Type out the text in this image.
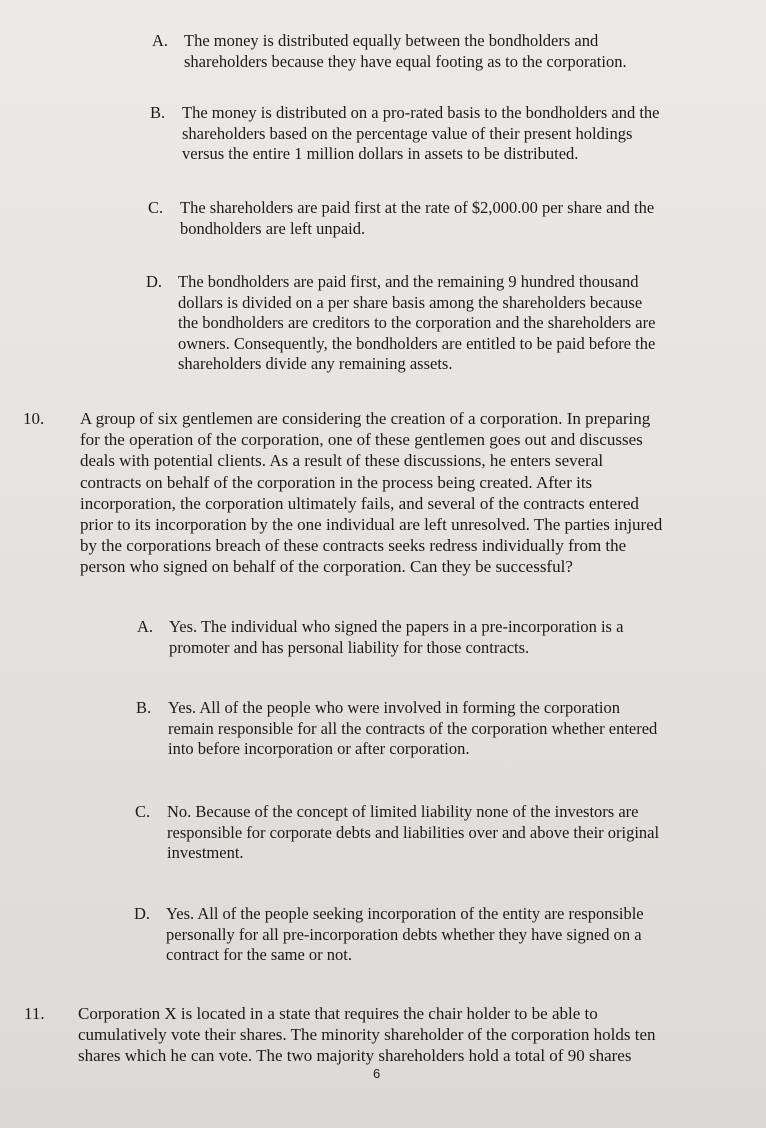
A. The money is distributed equally between the bondholders and
shareholders because they have equal footing as to the corporation.
B. The money is distributed on a pro-rated basis to the bondholders and the
shareholders based on the percentage value of their present holdings
versus the entire 1 million dollars in assets to be distributed.
C. The shareholders are paid first at the rate of $2,000.00 per share and the
bondholders are left unpaid.
D. The bondholders are paid first, and the remaining 9 hundred thousand
dollars is divided on a per share basis among the shareholders because
the bondholders are creditors to the corporation and the shareholders are
owners. Consequently, the bondholders are entitled to be paid before the
shareholders divide any remaining assets.
10. A group of six gentlemen are considering the creation of a corporation. In preparing
for the operation of the corporation, one of these gentlemen goes out and discusses
deals with potential clients. As a result of these discussions, he enters several
contracts on behalf of the corporation in the process being created. After its
incorporation, the corporation ultimately fails, and several of the contracts entered
prior to its incorporation by the one individual are left unresolved. The parties injured
by the corporations breach of these contracts seeks redress individually from the
person who signed on behalf of the corporation. Can they be successful?
A. Yes. The individual who signed the papers in a pre-incorporation is a
promoter and has personal liability for those contracts.
B. Yes. All of the people who were involved in forming the corporation
remain responsible for all the contracts of the corporation whether entered
into before incorporation or after corporation.
C. No. Because of the concept of limited liability none of the investors are
responsible for corporate debts and liabilities over and above their original
investment.
D. Yes. All of the people seeking incorporation of the entity are responsible
personally for all pre-incorporation debts whether they have signed on a
contract for the same or not.
11. Corporation X is located in a state that requires the chair holder to be able to
cumulatively vote their shares. The minority shareholder of the corporation holds ten
shares which he can vote. The two majority shareholders hold a total of 90 shares
6
